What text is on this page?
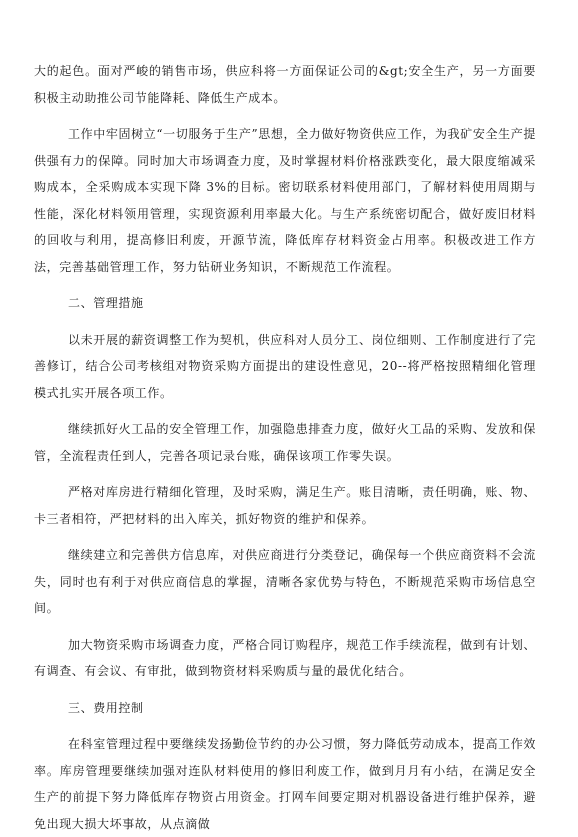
大的起色。面对严峻的销售市场，供应科将一方面保证公司的&gt;安全生产，另一方面要积极主动助推公司节能降耗、降低生产成本。

工作中牢固树立“一切服务于生产”思想，全力做好物资供应工作，为我矿安全生产提供强有力的保障。同时加大市场调查力度，及时掌握材料价格涨跌变化，最大限度缩减采购成本，全采购成本实现下降 3%的目标。密切联系材料使用部门，了解材料使用周期与性能，深化材料领用管理，实现资源利用率最大化。与生产系统密切配合，做好废旧材料的回收与利用，提高修旧利废，开源节流，降低库存材料资金占用率。积极改进工作方法，完善基础管理工作，努力钻研业务知识，不断规范工作流程。

二、管理措施

以未开展的薪资调整工作为契机，供应科对人员分工、岗位细则、工作制度进行了完善修订，结合公司考核组对物资采购方面提出的建设性意见，20--将严格按照精细化管理模式扎实开展各项工作。

继续抓好火工品的安全管理工作，加强隐患排查力度，做好火工品的采购、发放和保管，全流程责任到人，完善各项记录台账，确保该项工作零失误。

严格对库房进行精细化管理，及时采购，满足生产。账目清晰，责任明确，账、物、卡三者相符，严把材料的出入库关，抓好物资的维护和保养。

继续建立和完善供方信息库，对供应商进行分类登记，确保每一个供应商资料不会流失，同时也有利于对供应商信息的掌握，清晰各家优势与特色，不断规范采购市场信息空间。

加大物资采购市场调查力度，严格合同订购程序，规范工作手续流程，做到有计划、有调查、有会议、有审批，做到物资材料采购质与量的最优化结合。

三、费用控制

在科室管理过程中要继续发扬勤俭节约的办公习惯，努力降低劳动成本，提高工作效率。库房管理要继续加强对连队材料使用的修旧利废工作，做到月月有小结，在满足安全生产的前提下努力降低库存物资占用资金。打网车间要定期对机器设备进行维护保养，避免出现大损大坏事故，从点滴做
